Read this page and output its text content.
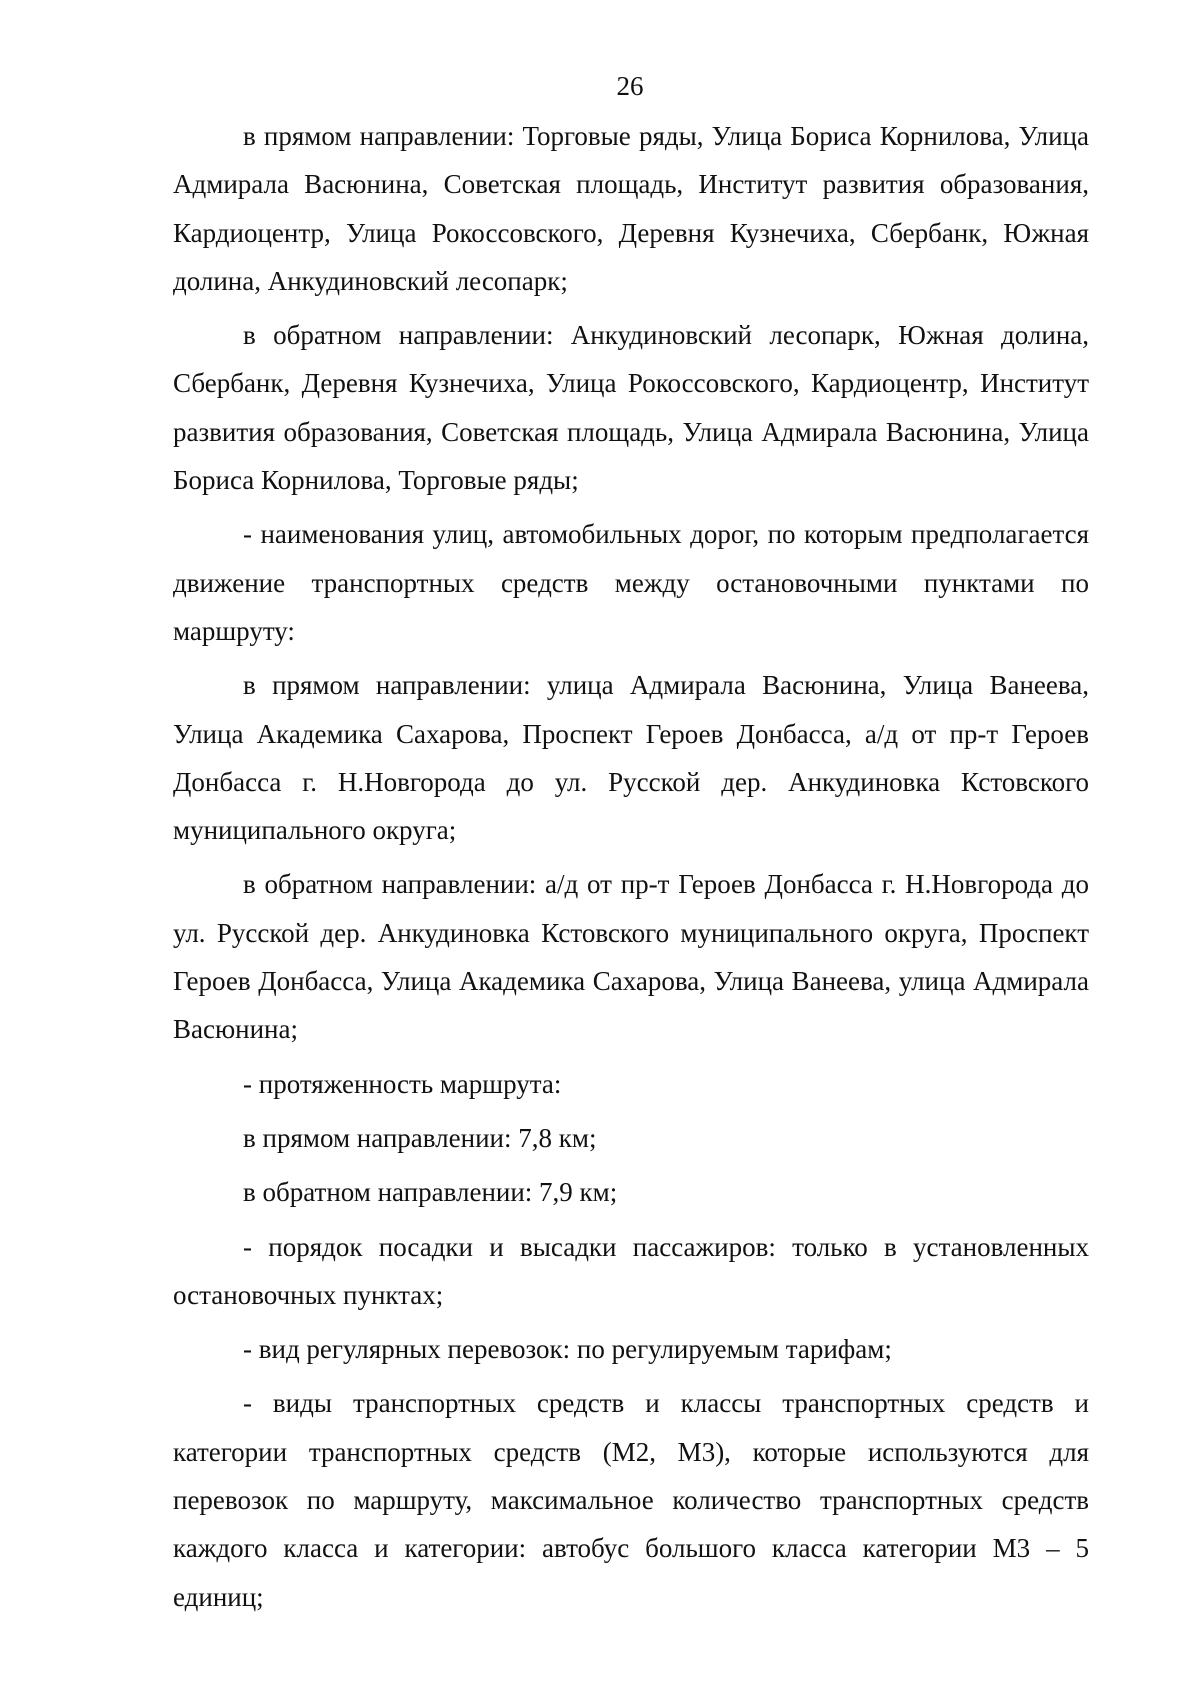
26

в прямом направлении: Торговые ряды, Улица Бориса Корнилова, Улица Адмирала Васюнина, Советская площадь, Институт развития образования, Кардиоцентр, Улица Рокоссовского, Деревня Кузнечиха, Сбербанк, Южная долина, Анкудиновский лесопарк;

в обратном направлении: Анкудиновский лесопарк, Южная долина, Сбербанк, Деревня Кузнечиха, Улица Рокоссовского, Кардиоцентр, Институт развития образования, Советская площадь, Улица Адмирала Васюнина, Улица Бориса Корнилова, Торговые ряды;

- наименования улиц, автомобильных дорог, по которым предполагается движение транспортных средств между остановочными пунктами по маршруту:

в прямом направлении: улица Адмирала Васюнина, Улица Ванеева, Улица Академика Сахарова, Проспект Героев Донбасса, а/д от пр-т Героев Донбасса г. Н.Новгорода до ул. Русской дер. Анкудиновка Кстовского муниципального округа;

в обратном направлении: а/д от пр-т Героев Донбасса г. Н.Новгорода до ул. Русской дер. Анкудиновка Кстовского муниципального округа, Проспект Героев Донбасса, Улица Академика Сахарова, Улица Ванеева, улица Адмирала Васюнина;

- протяженность маршрута:

в прямом направлении: 7,8 км;

в обратном направлении: 7,9 км;

- порядок посадки и высадки пассажиров: только в установленных остановочных пунктах;

- вид регулярных перевозок: по регулируемым тарифам;

- виды транспортных средств и классы транспортных средств и категории транспортных средств (М2, М3), которые используются для перевозок по маршруту, максимальное количество транспортных средств каждого класса и категории: автобус большого класса категории М3 – 5 единиц;
